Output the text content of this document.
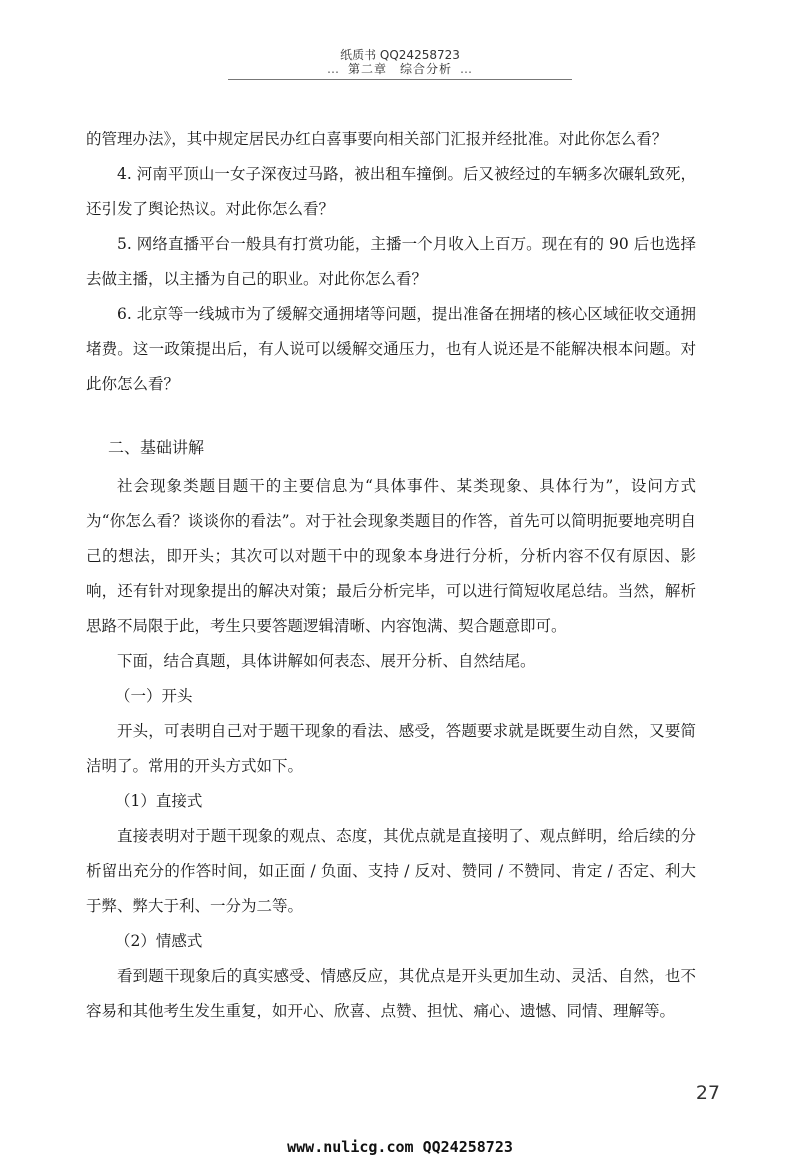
纸质书 QQ24258723
… 第二章　综合分析 …

的管理办法》，其中规定居民办红白喜事要向相关部门汇报并经批准。对此你怎么看？

4. 河南平顶山一女子深夜过马路，被出租车撞倒。后又被经过的车辆多次碾轧致死，还引发了舆论热议。对此你怎么看？

5. 网络直播平台一般具有打赏功能，主播一个月收入上百万。现在有的 90 后也选择去做主播，以主播为自己的职业。对此你怎么看？

6. 北京等一线城市为了缓解交通拥堵等问题，提出准备在拥堵的核心区域征收交通拥堵费。这一政策提出后，有人说可以缓解交通压力，也有人说还是不能解决根本问题。对此你怎么看？

二、基础讲解

社会现象类题目题干的主要信息为“具体事件、某类现象、具体行为”，设问方式为“你怎么看？谈谈你的看法”。对于社会现象类题目的作答，首先可以简明扼要地亮明自己的想法，即开头；其次可以对题干中的现象本身进行分析，分析内容不仅有原因、影响，还有针对现象提出的解决对策；最后分析完毕，可以进行简短收尾总结。当然，解析思路不局限于此，考生只要答题逻辑清晰、内容饱满、契合题意即可。

下面，结合真题，具体讲解如何表态、展开分析、自然结尾。

（一）开头

开头，可表明自己对于题干现象的看法、感受，答题要求就是既要生动自然，又要简洁明了。常用的开头方式如下。

（1）直接式

直接表明对于题干现象的观点、态度，其优点就是直接明了、观点鲜明，给后续的分析留出充分的作答时间，如正面 / 负面、支持 / 反对、赞同 / 不赞同、肯定 / 否定、利大于弊、弊大于利、一分为二等。

（2）情感式

看到题干现象后的真实感受、情感反应，其优点是开头更加生动、灵活、自然，也不容易和其他考生发生重复，如开心、欣喜、点赞、担忧、痛心、遗憾、同情、理解等。

27
www.nulicg.com QQ24258723
